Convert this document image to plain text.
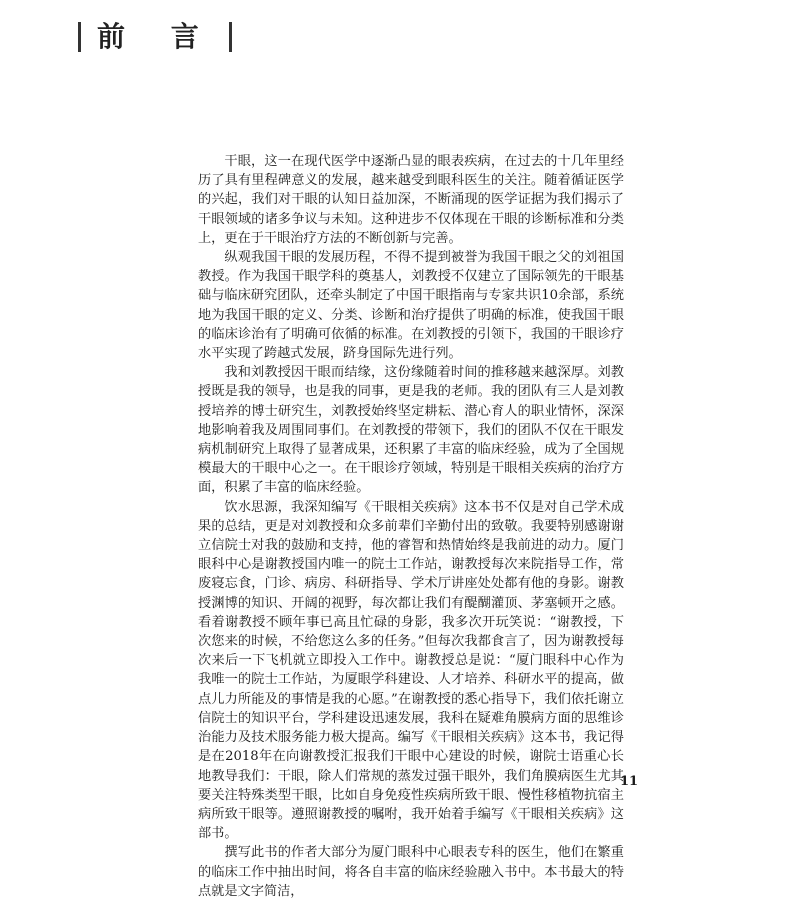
前 言

干眼，这一在现代医学中逐渐凸显的眼表疾病，在过去的十几年里经历了具有里程碑意义的发展，越来越受到眼科医生的关注。随着循证医学的兴起，我们对干眼的认知日益加深，不断涌现的医学证据为我们揭示了干眼领域的诸多争议与未知。这种进步不仅体现在干眼的诊断标准和分类上，更在于干眼治疗方法的不断创新与完善。

纵观我国干眼的发展历程，不得不提到被誉为我国干眼之父的刘祖国教授。作为我国干眼学科的奠基人，刘教授不仅建立了国际领先的干眼基础与临床研究团队，还牵头制定了中国干眼指南与专家共识10余部，系统地为我国干眼的定义、分类、诊断和治疗提供了明确的标准，使我国干眼的临床诊治有了明确可依循的标准。在刘教授的引领下，我国的干眼诊疗水平实现了跨越式发展，跻身国际先进行列。

我和刘教授因干眼而结缘，这份缘随着时间的推移越来越深厚。刘教授既是我的领导，也是我的同事，更是我的老师。我的团队有三人是刘教授培养的博士研究生，刘教授始终坚定耕耘、潜心育人的职业情怀，深深地影响着我及周围同事们。在刘教授的带领下，我们的团队不仅在干眼发病机制研究上取得了显著成果，还积累了丰富的临床经验，成为了全国规模最大的干眼中心之一。在干眼诊疗领域，特别是干眼相关疾病的治疗方面，积累了丰富的临床经验。

饮水思源，我深知编写《干眼相关疾病》这本书不仅是对自己学术成果的总结，更是对刘教授和众多前辈们辛勤付出的致敬。我要特别感谢谢立信院士对我的鼓励和支持，他的睿智和热情始终是我前进的动力。厦门眼科中心是谢教授国内唯一的院士工作站，谢教授每次来院指导工作，常废寝忘食，门诊、病房、科研指导、学术厅讲座处处都有他的身影。谢教授渊博的知识、开阔的视野，每次都让我们有醍醐灌顶、茅塞顿开之感。看着谢教授不顾年事已高且忙碌的身影，我多次开玩笑说：“谢教授，下次您来的时候，不给您这么多的任务。”但每次我都食言了，因为谢教授每次来后一下飞机就立即投入工作中。谢教授总是说：“厦门眼科中心作为我唯一的院士工作站，为厦眼学科建设、人才培养、科研水平的提高，做点儿力所能及的事情是我的心愿。”在谢教授的悉心指导下，我们依托谢立信院士的知识平台，学科建设迅速发展，我科在疑难角膜病方面的思维诊治能力及技术服务能力极大提高。编写《干眼相关疾病》这本书，我记得是在2018年在向谢教授汇报我们干眼中心建设的时候，谢院士语重心长地教导我们：干眼，除人们常规的蒸发过强干眼外，我们角膜病医生尤其要关注特殊类型干眼，比如自身免疫性疾病所致干眼、慢性移植物抗宿主病所致干眼等。遵照谢教授的嘱咐，我开始着手编写《干眼相关疾病》这部书。

撰写此书的作者大部分为厦门眼科中心眼表专科的医生，他们在繁重的临床工作中抽出时间，将各自丰富的临床经验融入书中。本书最大的特点就是文字简洁，

11
